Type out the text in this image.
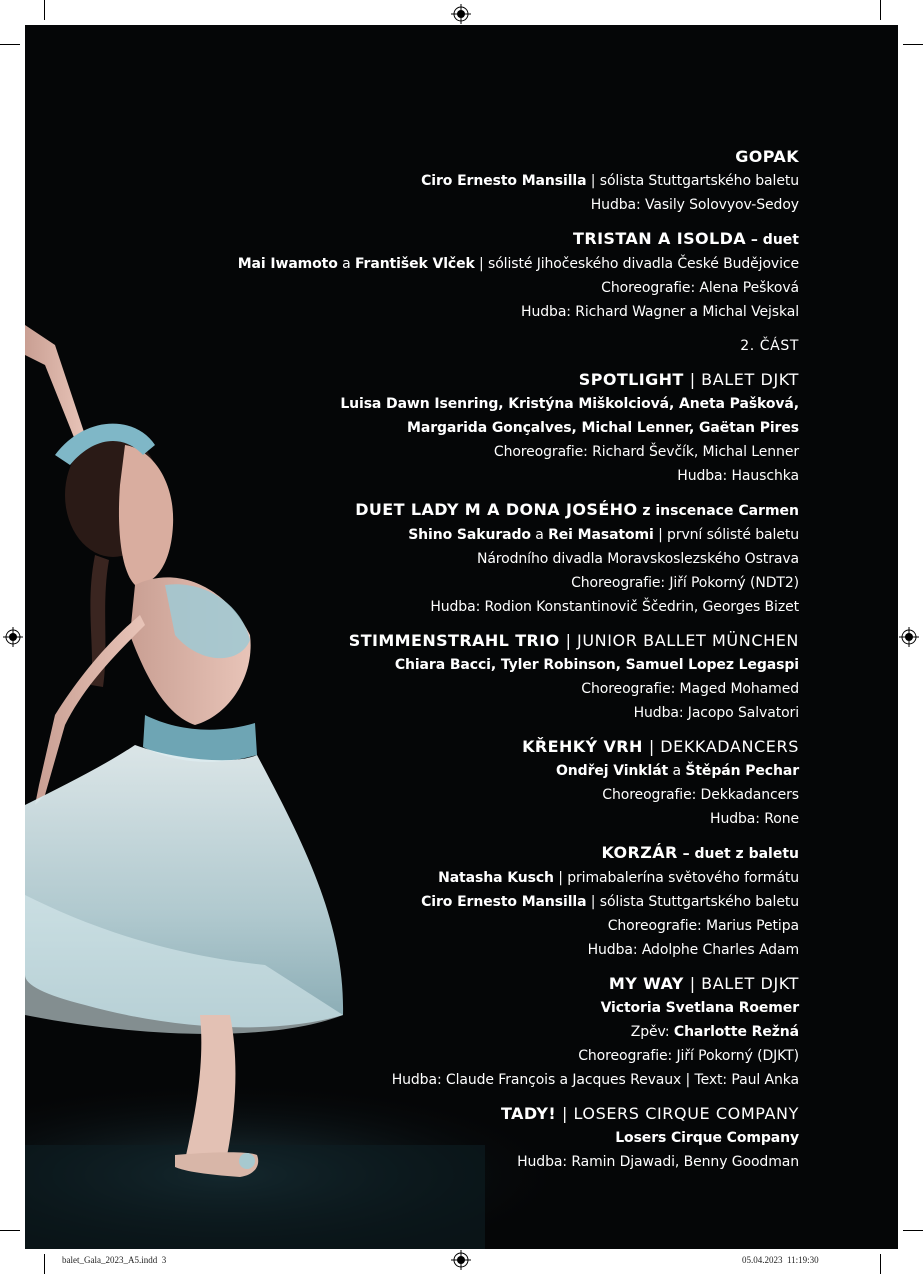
balet_Gala_2023_A5.indd 3	05.04.2023 11:19:30
GOPAK
Ciro Ernesto Mansilla | sólista Stuttgartského baletu
Hudba: Vasily Solovyov-Sedoy
TRISTAN A ISOLDA – duet
Mai Iwamoto a František Vlček | sólisté Jihočeského divadla České Budějovice
Choreografie: Alena Pešková
Hudba: Richard Wagner a Michal Vejskal
2. ČÁST
SPOTLIGHT | BALET DJKT
Luisa Dawn Isenring, Kristýna Miškolciová, Aneta Pašková,
Margarida Gonçalves, Michal Lenner, Gaëtan Pires
Choreografie: Richard Ševčík, Michal Lenner
Hudba: Hauschka
DUET LADY M A DONA JOSÉHO z inscenace Carmen
Shino Sakurado a Rei Masatomi | první sólisté baletu
Národního divadla Moravskoslezského Ostrava
Choreografie: Jiří Pokorný (NDT2)
Hudba: Rodion Konstantinovič Ščedrin, Georges Bizet
STIMMENSTRAHL TRIO | JUNIOR BALLET MÜNCHEN
Chiara Bacci, Tyler Robinson, Samuel Lopez Legaspi
Choreografie: Maged Mohamed
Hudba: Jacopo Salvatori
KŘEHKÝ VRH | DEKKADANCERS
Ondřej Vinklát a Štěpán Pechar
Choreografie: Dekkadancers
Hudba: Rone
KORZÁR – duet z baletu
Natasha Kusch | primabalerína světového formátu
Ciro Ernesto Mansilla | sólista Stuttgartského baletu
Choreografie: Marius Petipa
Hudba: Adolphe Charles Adam
MY WAY | BALET DJKT
Victoria Svetlana Roemer
Zpěv: Charlotte Režná
Choreografie: Jiří Pokorný (DJKT)
Hudba: Claude François a Jacques Revaux | Text: Paul Anka
TADY! | LOSERS CIRQUE COMPANY
Losers Cirque Company
Hudba: Ramin Djawadi, Benny Goodman
